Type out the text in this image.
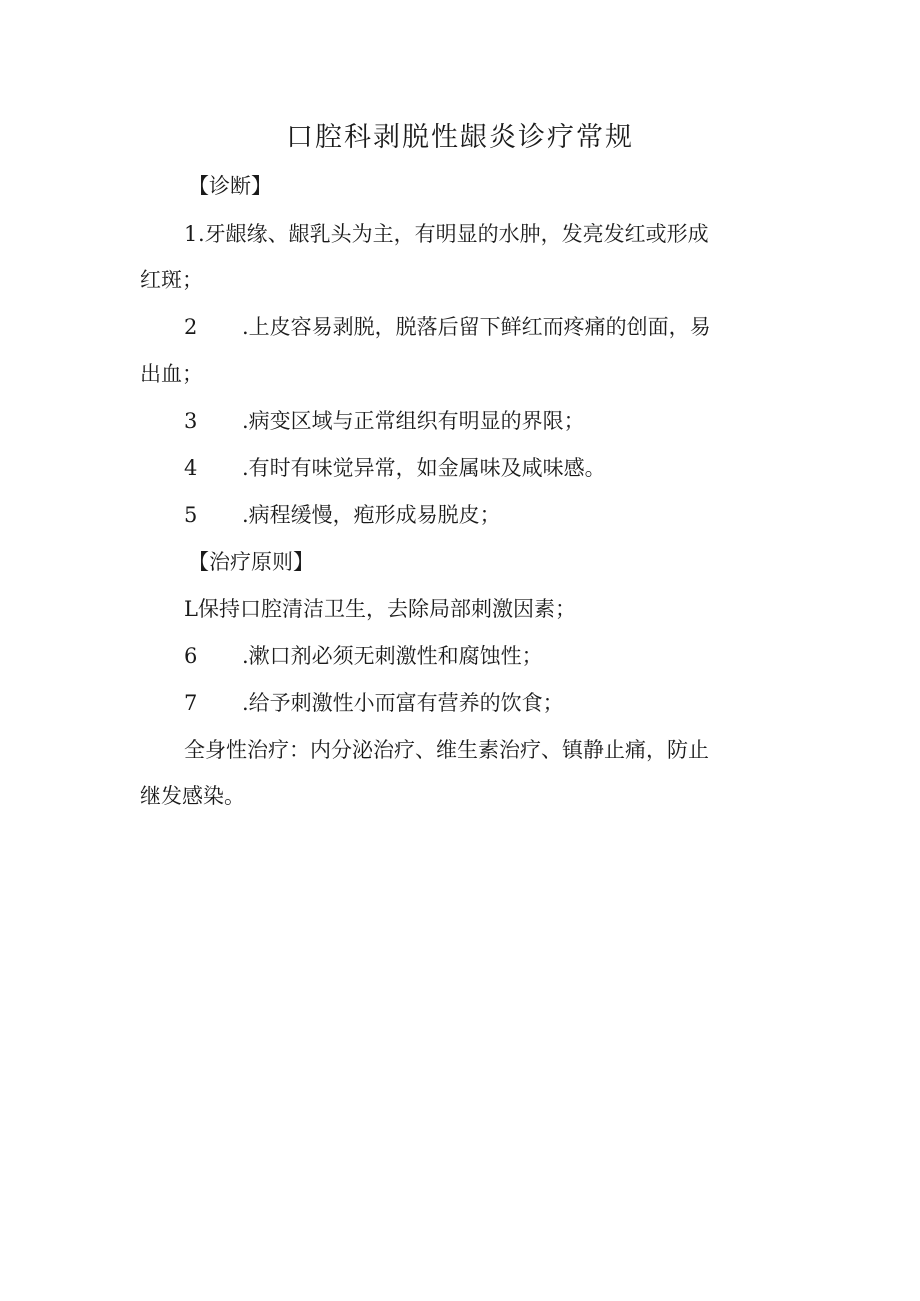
口腔科剥脱性龈炎诊疗常规

【诊断】

1.牙龈缘、龈乳头为主，有明显的水肿，发亮发红或形成

红斑；

2 .上皮容易剥脱，脱落后留下鲜红而疼痛的创面，易

出血；

3 .病变区域与正常组织有明显的界限；

4 .有时有味觉异常，如金属味及咸味感。

5 .病程缓慢，疱形成易脱皮；

【治疗原则】

L保持口腔清洁卫生，去除局部刺激因素；

6 .漱口剂必须无刺激性和腐蚀性；

7 .给予刺激性小而富有营养的饮食；

全身性治疗：内分泌治疗、维生素治疗、镇静止痛，防止

继发感染。
